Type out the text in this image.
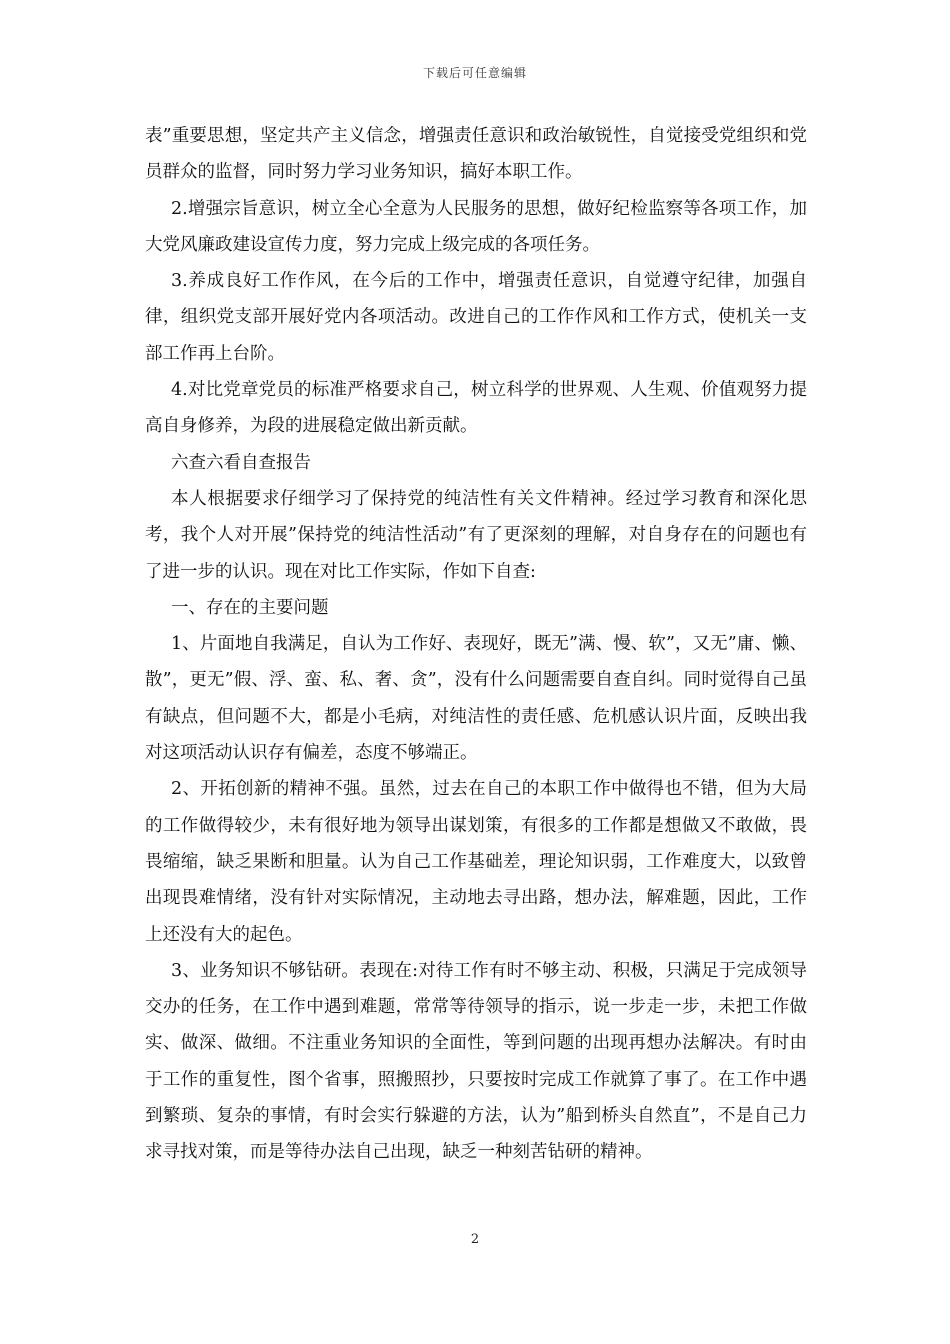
下载后可任意编辑

表”重要思想，坚定共产主义信念，增强责任意识和政治敏锐性，自觉接受党组织和党员群众的监督，同时努力学习业务知识，搞好本职工作。

2.增强宗旨意识，树立全心全意为人民服务的思想，做好纪检监察等各项工作，加大党风廉政建设宣传力度，努力完成上级完成的各项任务。

3.养成良好工作作风，在今后的工作中，增强责任意识，自觉遵守纪律，加强自律，组织党支部开展好党内各项活动。改进自己的工作作风和工作方式，使机关一支部工作再上台阶。

4.对比党章党员的标准严格要求自己，树立科学的世界观、人生观、价值观努力提高自身修养，为段的进展稳定做出新贡献。

六查六看自查报告

本人根据要求仔细学习了保持党的纯洁性有关文件精神。经过学习教育和深化思考，我个人对开展”保持党的纯洁性活动”有了更深刻的理解，对自身存在的问题也有了进一步的认识。现在对比工作实际，作如下自查:

一、存在的主要问题

1、片面地自我满足，自认为工作好、表现好，既无”满、慢、软”，又无”庸、懒、散”，更无”假、浮、蛮、私、奢、贪”，没有什么问题需要自查自纠。同时觉得自己虽有缺点，但问题不大，都是小毛病，对纯洁性的责任感、危机感认识片面，反映出我对这项活动认识存有偏差，态度不够端正。

2、开拓创新的精神不强。虽然，过去在自己的本职工作中做得也不错，但为大局的工作做得较少，未有很好地为领导出谋划策，有很多的工作都是想做又不敢做，畏畏缩缩，缺乏果断和胆量。认为自己工作基础差，理论知识弱，工作难度大，以致曾出现畏难情绪，没有针对实际情况，主动地去寻出路，想办法，解难题，因此，工作上还没有大的起色。

3、业务知识不够钻研。表现在:对待工作有时不够主动、积极，只满足于完成领导交办的任务，在工作中遇到难题，常常等待领导的指示，说一步走一步，未把工作做实、做深、做细。不注重业务知识的全面性，等到问题的出现再想办法解决。有时由于工作的重复性，图个省事，照搬照抄，只要按时完成工作就算了事了。在工作中遇到繁琐、复杂的事情，有时会实行躲避的方法，认为”船到桥头自然直”，不是自己力求寻找对策，而是等待办法自己出现，缺乏一种刻苦钻研的精神。

2
